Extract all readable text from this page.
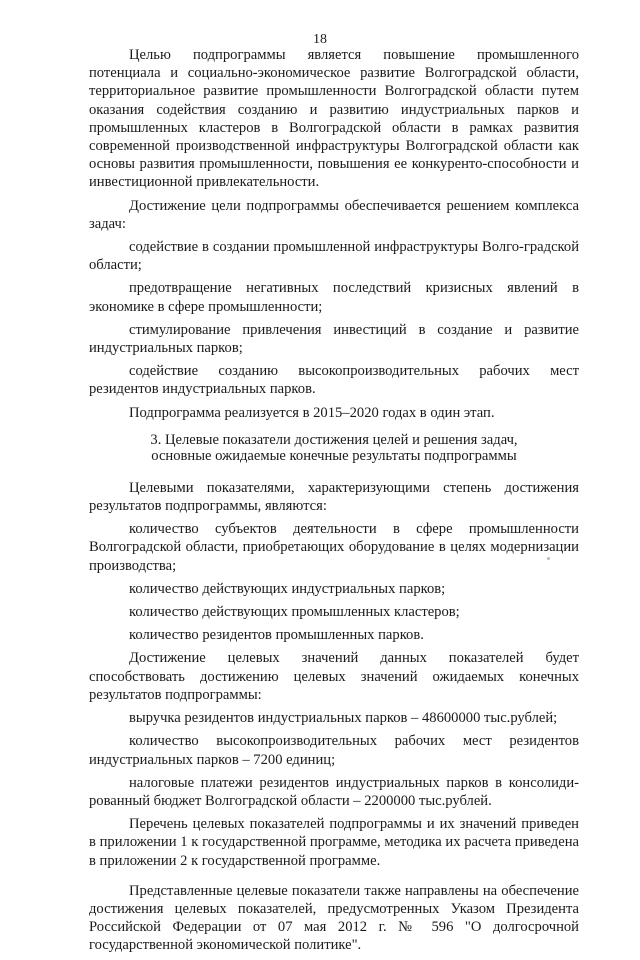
18

Целью подпрограммы является повышение промышленного потенциала и социально-экономическое развитие Волгоградской области, территориальное развитие промышленности Волгоградской области путем оказания содействия созданию и развитию индустриальных парков и промышленных кластеров в Волгоградской области в рамках развития современной производственной инфраструктуры Волгоградской области как основы развития промышленности, повышения ее конкуренто-способности и инвестиционной привлекательности.

Достижение цели подпрограммы обеспечивается решением комплекса задач:

содействие в создании промышленной инфраструктуры Волго-градской области;

предотвращение негативных последствий кризисных явлений в экономике в сфере промышленности;

стимулирование привлечения инвестиций в создание и развитие индустриальных парков;

содействие созданию высокопроизводительных рабочих мест резидентов индустриальных парков.

Подпрограмма реализуется в 2015–2020 годах в один этап.

3. Целевые показатели достижения целей и решения задач,
основные ожидаемые конечные результаты подпрограммы

Целевыми показателями, характеризующими степень достижения результатов подпрограммы, являются:

количество субъектов деятельности в сфере промышленности Волгоградской области, приобретающих оборудование в целях модернизации производства;

количество действующих индустриальных парков;

количество действующих промышленных кластеров;

количество резидентов промышленных парков.

Достижение целевых значений данных показателей будет способствовать достижению целевых значений ожидаемых конечных результатов подпрограммы:

выручка резидентов индустриальных парков – 48600000 тыс.рублей;

количество высокопроизводительных рабочих мест резидентов индустриальных парков – 7200 единиц;

налоговые платежи резидентов индустриальных парков в консолиди-рованный бюджет Волгоградской области – 2200000 тыс.рублей.

Перечень целевых показателей подпрограммы и их значений приведен в приложении 1 к государственной программе, методика их расчета приведена в приложении 2 к государственной программе.

Представленные целевые показатели также направлены на обеспечение достижения целевых показателей, предусмотренных Указом Президента Российской Федерации от 07 мая 2012 г. № 596 "О долгосрочной государственной экономической политике".
